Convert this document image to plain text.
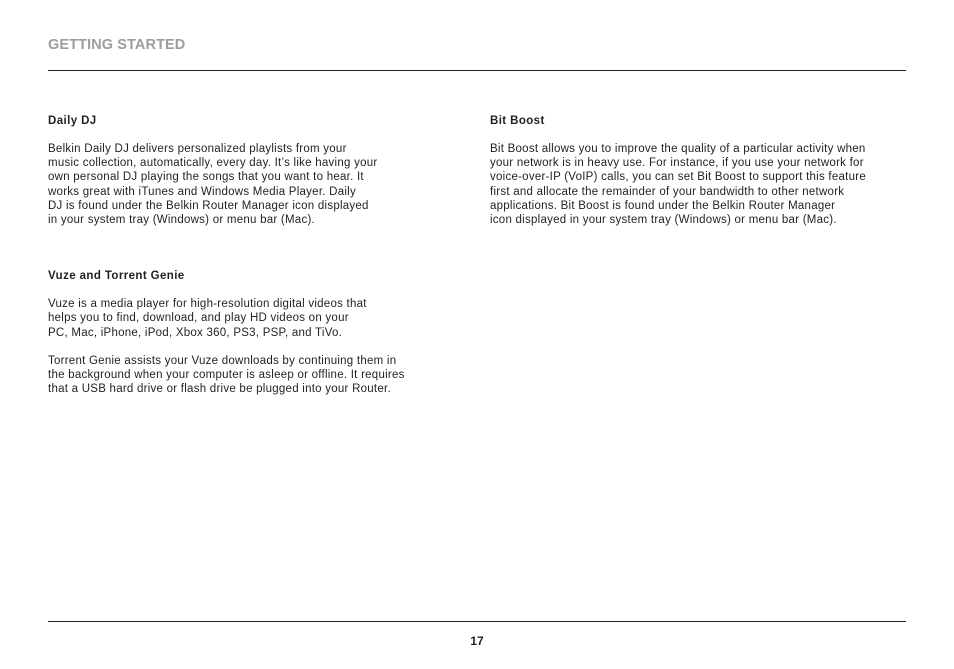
GETTING STARTED
Daily DJ

Belkin Daily DJ delivers personalized playlists from your
music collection, automatically, every day. It’s like having your
own personal DJ playing the songs that you want to hear. It
works great with iTunes and Windows Media Player. Daily
DJ is found under the Belkin Router Manager icon displayed
in your system tray (Windows) or menu bar (Mac).

Vuze and Torrent Genie

Vuze is a media player for high-resolution digital videos that
helps you to find, download, and play HD videos on your
PC, Mac, iPhone, iPod, Xbox 360, PS3, PSP, and TiVo.

Torrent Genie assists your Vuze downloads by continuing them in
the background when your computer is asleep or offline. It requires
that a USB hard drive or flash drive be plugged into your Router.

Bit Boost

Bit Boost allows you to improve the quality of a particular activity when
your network is in heavy use. For instance, if you use your network for
voice-over-IP (VoIP) calls, you can set Bit Boost to support this feature
first and allocate the remainder of your bandwidth to other network
applications. Bit Boost is found under the Belkin Router Manager
icon displayed in your system tray (Windows) or menu bar (Mac).

17
